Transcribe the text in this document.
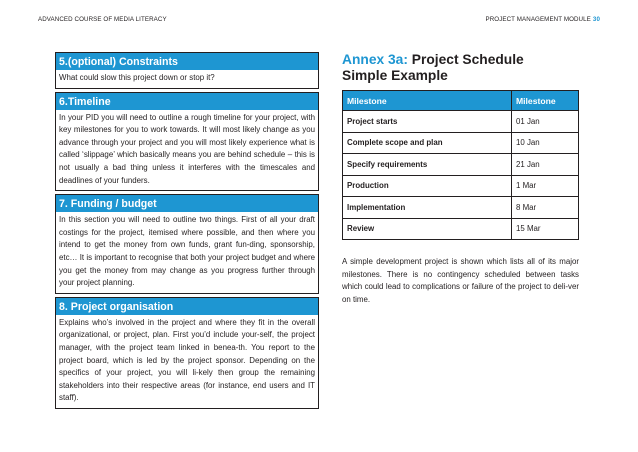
ADVANCED COURSE OF MEDIA LITERACY	PROJECT MANAGEMENT MODULE 30
5.(optional) Constraints
What could slow this project down or stop it?
6.Timeline
In your PID you will need to outline a rough timeline for your project, with key milestones for you to work towards. It will most likely change as you advance through your project and you will most likely experience what is called ‘slippage’ which basically means you are behind schedule – this is not usually a bad thing unless it interferes with the timescales and deadlines of your funders.
7. Funding / budget
In this section you will need to outline two things. First of all your draft costings for the project, itemised where possible, and then where you intend to get the money from own funds, grant fun-ding, sponsorship, etc… It is important to recognise that both your project budget and where you get the money from may change as you progress further through your project planning.
8. Project organisation
Explains who’s involved in the project and where they fit in the overall organizational, or project, plan. First you’d include your-self, the project manager, with the project team linked in benea-th. You report to the project board, which is led by the project sponsor. Depending on the specifics of your project, you will li-kely then group the remaining stakeholders into their respective areas (for instance, end users and IT staff).
Annex 3a: Project Schedule
Simple Example
Milestone	Milestone
Project starts	01 Jan
Complete scope and plan	10 Jan
Specify requirements	21 Jan
Production	1 Mar
Implementation	8 Mar
Review	15 Mar

A simple development project is shown which lists all of its major milestones. There is no contingency scheduled between tasks which could lead to complications or failure of the project to deli-ver on time.
